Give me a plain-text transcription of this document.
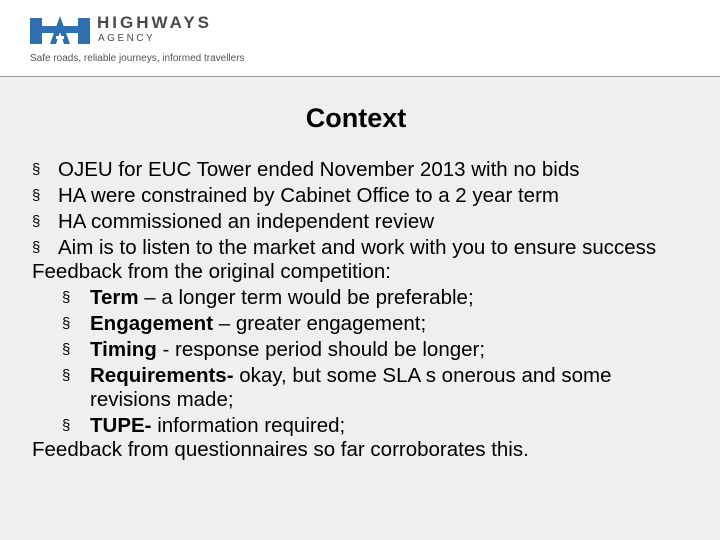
HIGHWAYS
AGENCY
Safe roads, reliable journeys, informed travellers
Context
§ OJEU for EUC Tower ended November 2013 with no bids
§ HA were constrained by Cabinet Office to a 2 year term
§ HA commissioned an independent review
§ Aim is to listen to the market and work with you to ensure success
Feedback from the original competition:
§ Term – a longer term would be preferable;
§ Engagement – greater engagement;
§ Timing - response period should be longer;
§ Requirements- okay, but some SLA s onerous and some revisions made;
§ TUPE- information required;
Feedback from questionnaires so far corroborates this.
